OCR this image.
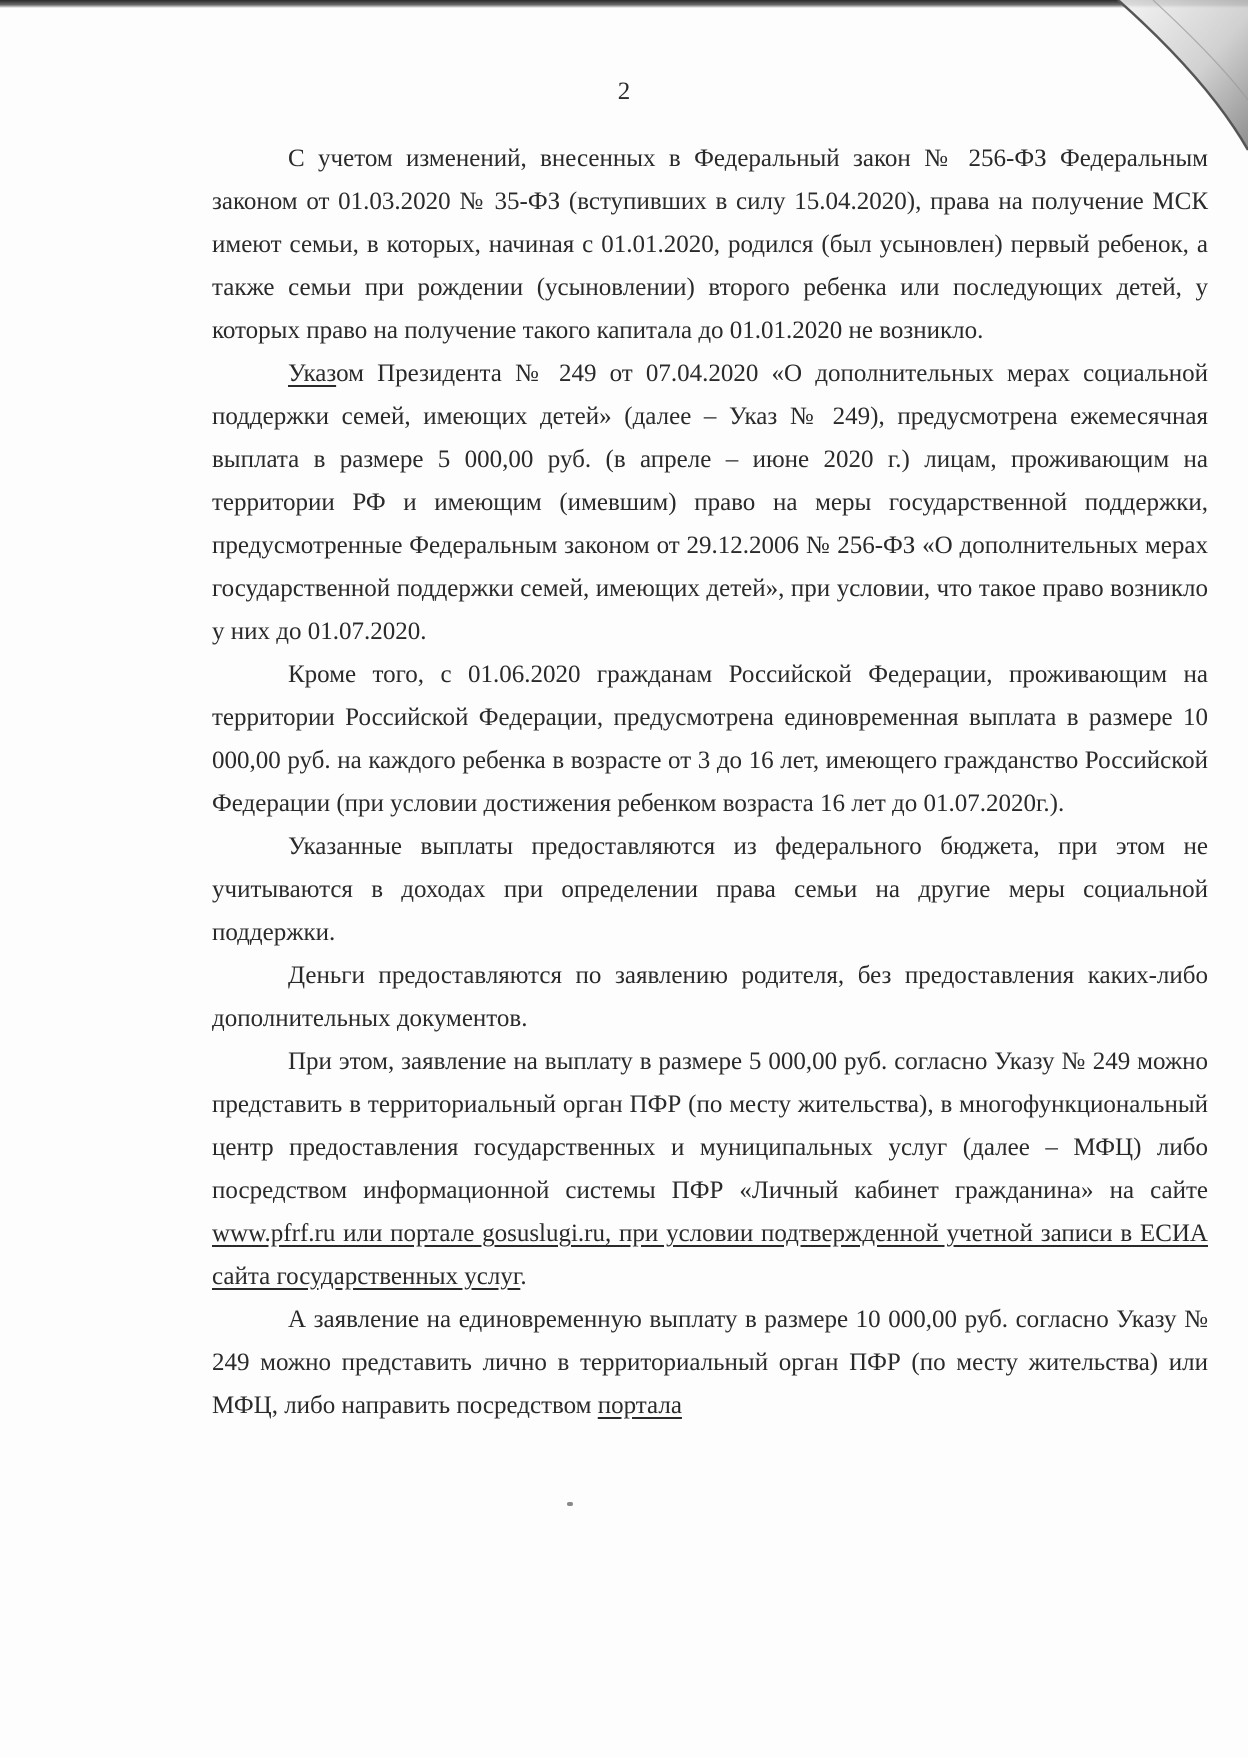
2

С учетом изменений, внесенных в Федеральный закон № 256-ФЗ Федеральным законом от 01.03.2020 № 35-ФЗ (вступивших в силу 15.04.2020), права на получение МСК имеют семьи, в которых, начиная с 01.01.2020, родился (был усыновлен) первый ребенок, а также семьи при рождении (усыновлении) второго ребенка или последующих детей, у которых право на получение такого капитала до 01.01.2020 не возникло.

Указом Президента № 249 от 07.04.2020 «О дополнительных мерах социальной поддержки семей, имеющих детей» (далее – Указ № 249), предусмотрена ежемесячная выплата в размере 5 000,00 руб. (в апреле – июне 2020 г.) лицам, проживающим на территории РФ и имеющим (имевшим) право на меры государственной поддержки, предусмотренные Федеральным законом от 29.12.2006 № 256-ФЗ «О дополнительных мерах государственной поддержки семей, имеющих детей», при условии, что такое право возникло у них до 01.07.2020.

Кроме того, с 01.06.2020 гражданам Российской Федерации, проживающим на территории Российской Федерации, предусмотрена единовременная выплата в размере 10 000,00 руб. на каждого ребенка в возрасте от 3 до 16 лет, имеющего гражданство Российской Федерации (при условии достижения ребенком возраста 16 лет до 01.07.2020г.).

Указанные выплаты предоставляются из федерального бюджета, при этом не учитываются в доходах при определении права семьи на другие меры социальной поддержки.

Деньги предоставляются по заявлению родителя, без предоставления каких-либо дополнительных документов.

При этом, заявление на выплату в размере 5 000,00 руб. согласно Указу № 249 можно представить в территориальный орган ПФР (по месту жительства), в многофункциональный центр предоставления государственных и муниципальных услуг (далее – МФЦ) либо посредством информационной системы ПФР «Личный кабинет гражданина» на сайте www.pfrf.ru или портале gosuslugi.ru, при условии подтвержденной учетной записи в ЕСИА сайта государственных услуг.

А заявление на единовременную выплату в размере 10 000,00 руб. согласно Указу № 249 можно представить лично в территориальный орган ПФР (по месту жительства) или МФЦ, либо направить посредством портала
